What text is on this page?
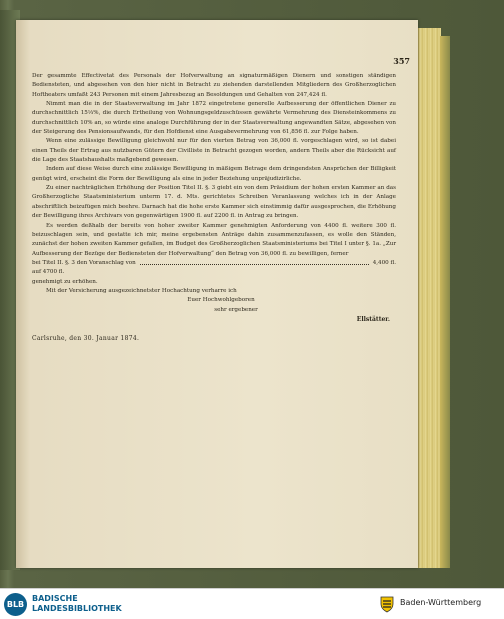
357

Der gesammte Effectivetat des Personals der Hofverwaltung an signaturmäßigen Dienern und sonstigen ständigen Bediensteten, und abgesehen von den hier nicht in Betracht zu ziehenden darstellenden Mitgliedern des Großherzoglichen Hoftheaters umfaßt 243 Personen mit einem Jahresbezug an Besoldungen und Gehalten von 247,424 fl.

Nimmt man die in der Staatsverwaltung im Jahr 1872 eingetretene generelle Aufbesserung der öffentlichen Diener zu durchschnittlich 15⅓%, die durch Ertheilung von Wohnungsgeldzuschüssen gewährte Vermehrung des Diensteinkommens zu durchschnittlich 10% an, so würde eine analoge Durchführung der in der Staatsverwaltung angewandten Sätze, abgesehen von der Steigerung des Pensionsaufwands, für den Hofdienst eine Ausgabevermehrung von 61,856 fl. zur Folge haben.

Wenn eine zulässige Bewilligung gleichwohl nur für den vierten Betrag von 36,000 fl. vorgeschlagen wird, so ist dabei einen Theils der Ertrag aus nutzbaren Gütern der Civilliste in Betracht gezogen worden, andern Theils aber die Rücksicht auf die Lage des Staatshaushalts maßgebend gewesen.

Indem auf diese Weise durch eine zulässige Bewilligung in mäßigem Betrage dem dringendsten Ansprüchen der Billigkeit genügt wird, erscheint die Form der Bewilligung als eine in jeder Beziehung unpräjudizirliche.

Zu einer nachträglichen Erhöhung der Position Titel II. §. 3 giebt ein von dem Präsidium der hohen ersten Kammer an das Großherzogliche Staatsministerium unterm 17. d. Mts. gerichtetes Schreiben Veranlassung welches ich in der Anlage abschriftlich beizufügen mich beehre. Darnach hat die hohe erste Kammer sich einstimmig dafür ausgesprochen, die Erhöhung der Bewilligung ihres Archivars von gegenwärtigen 1900 fl. auf 2200 fl. in Antrag zu bringen.

Es werden deßhalb der bereits von hoher zweiter Kammer genehmigten Anforderung von 4400 fl. weitere 300 fl. beizuschlagen sein, und gestatte ich mir, meine ergebensten Anträge dahin zusammenzufassen, es wolle den Ständen, zunächst der hohen zweiten Kammer gefallen, im Budget des Großherzoglichen Staatsministeriums bei Titel I unter §. 1a. „Zur Aufbesserung der Bezüge der Bediensteten der Hofverwaltung“ den Betrag von 36,000 fl. zu bewilligen, ferner

bei Titel II. §. 3 den Voranschlag von	4,400 fl.

auf 4700 fl.

genehmigt zu erhöhen.

Mit der Versicherung ausgezeichnetster Hochachtung verharre ich

Euer Hochwohlgeboren

sehr ergebener

Ellstätter.

Carlsruhe, den 30. Januar 1874.

BLB
BADISCHE
LANDESBIBLIOTHEK
Baden-Württemberg
